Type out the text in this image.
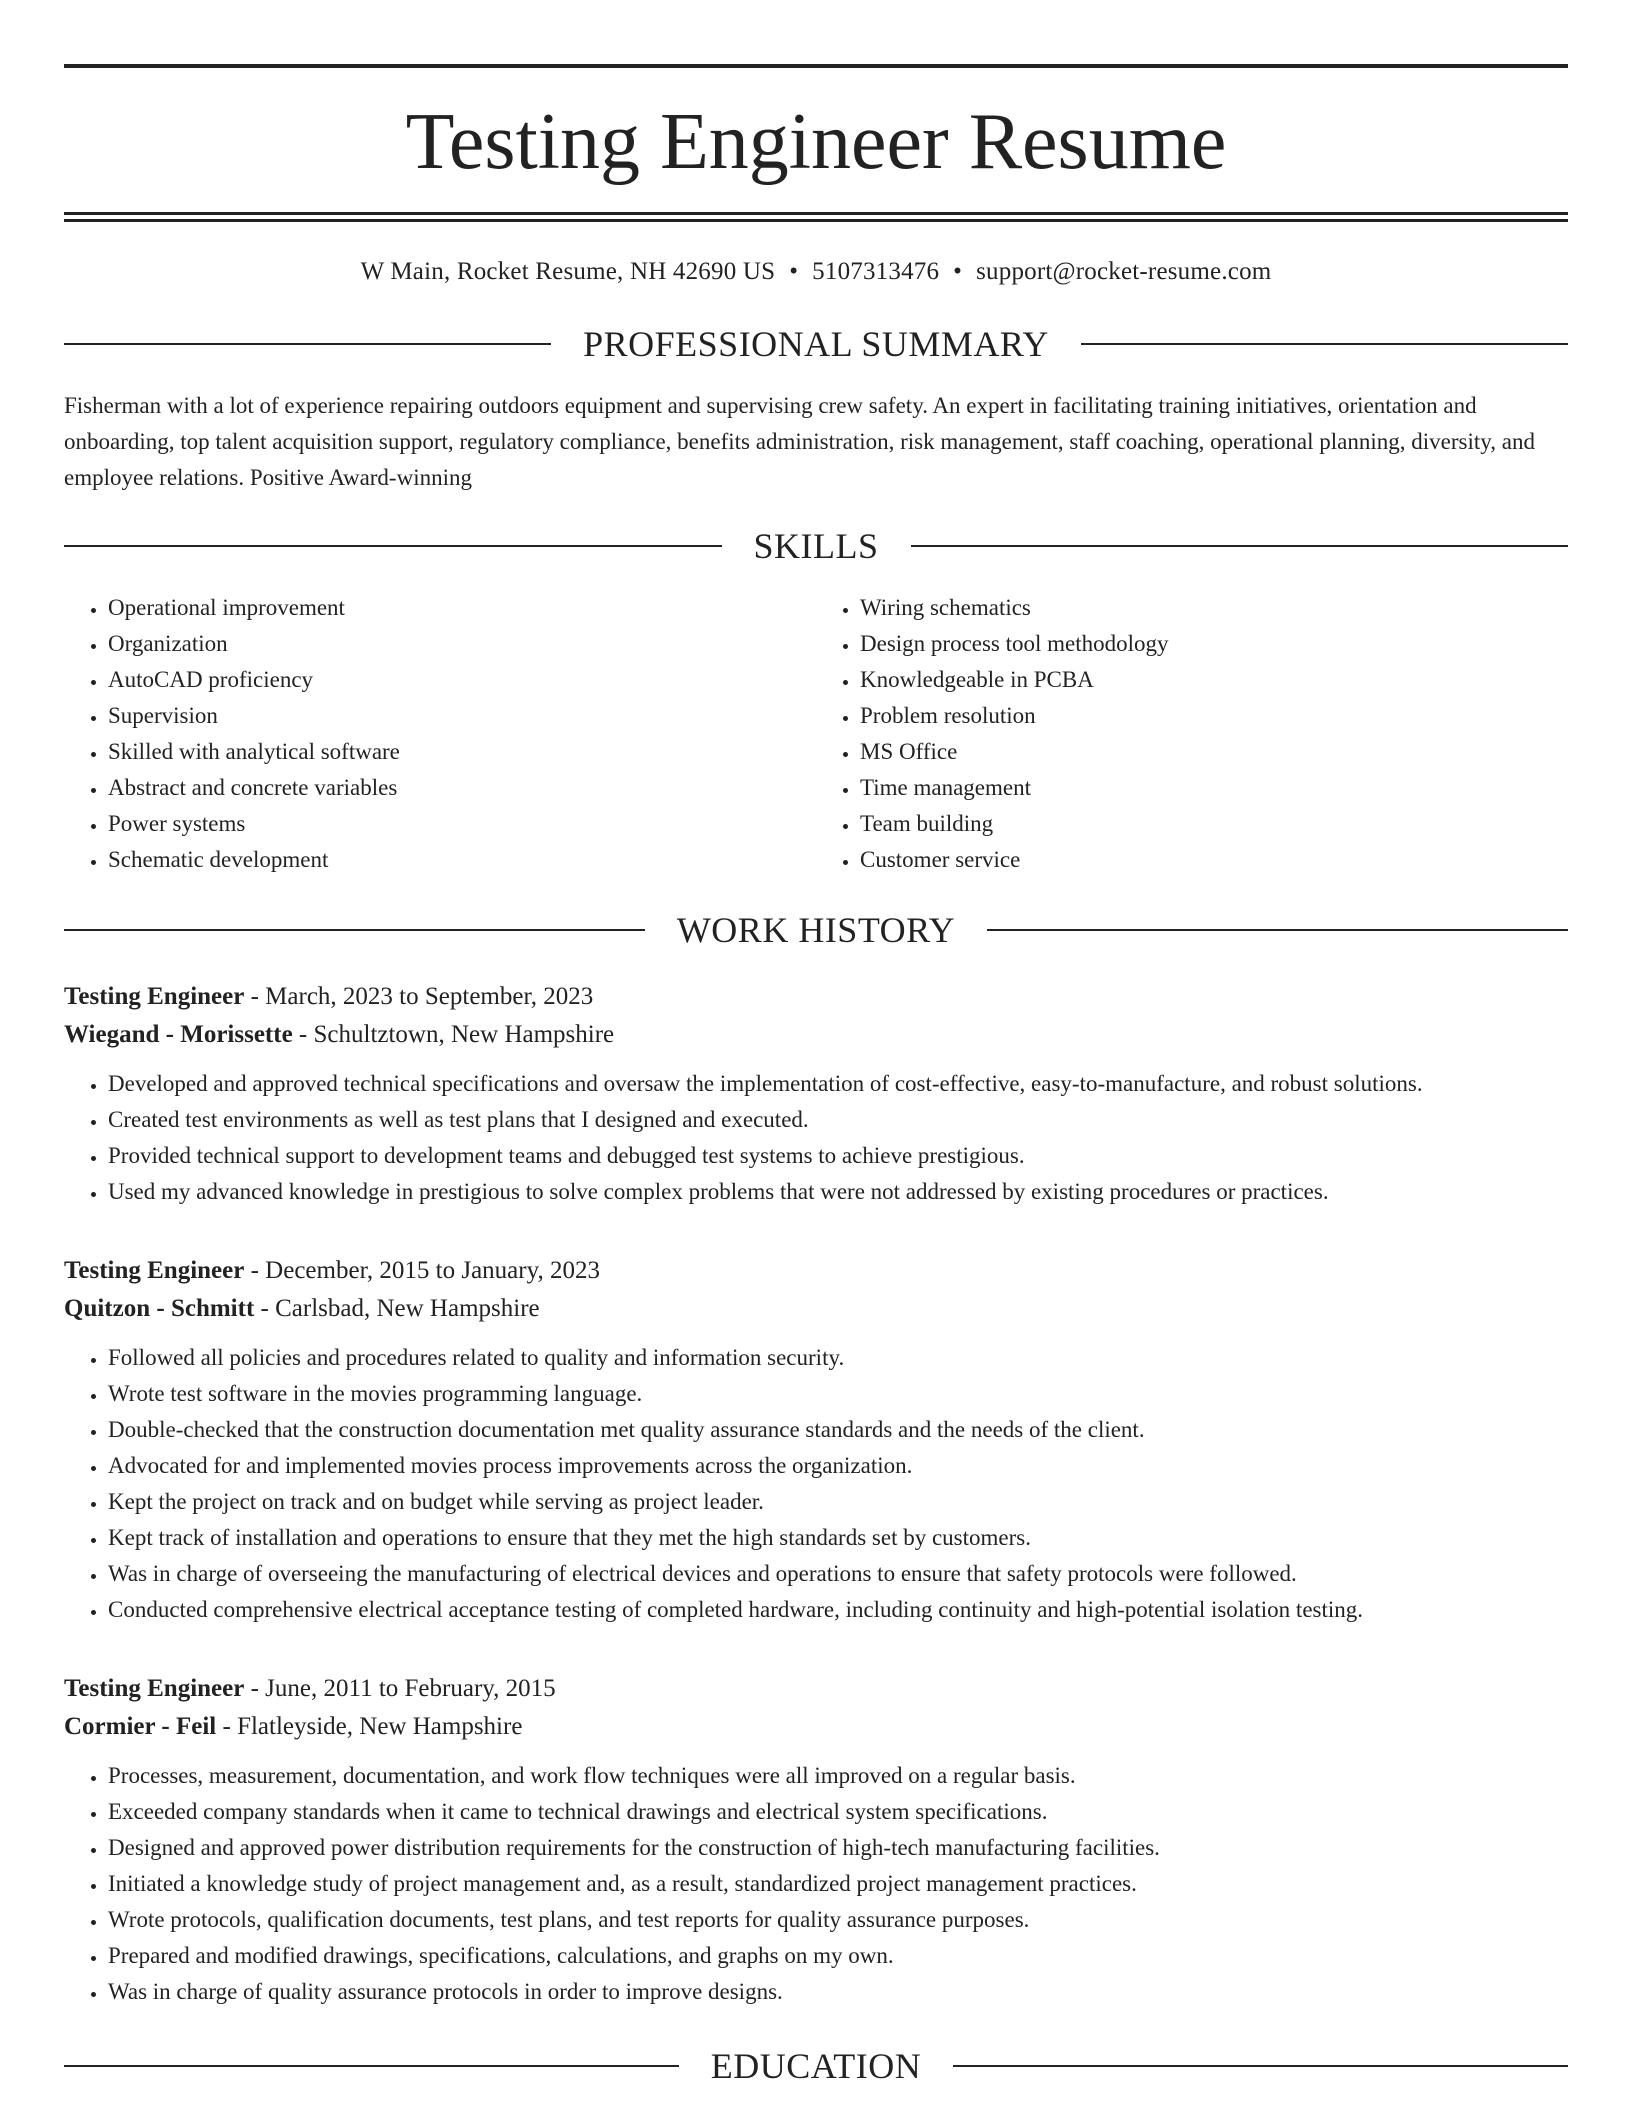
Testing Engineer Resume
W Main, Rocket Resume, NH 42690 US • 5107313476 • support@rocket-resume.com
PROFESSIONAL SUMMARY

Fisherman with a lot of experience repairing outdoors equipment and supervising crew safety. An expert in facilitating training initiatives, orientation and onboarding, top talent acquisition support, regulatory compliance, benefits administration, risk management, staff coaching, operational planning, diversity, and employee relations. Positive Award-winning

SKILLS
• Operational improvement
• Organization
• AutoCAD proficiency
• Supervision
• Skilled with analytical software
• Abstract and concrete variables
• Power systems
• Schematic development
• Wiring schematics
• Design process tool methodology
• Knowledgeable in PCBA
• Problem resolution
• MS Office
• Time management
• Team building
• Customer service
WORK HISTORY
Testing Engineer - March, 2023 to September, 2023
Wiegand - Morissette - Schultztown, New Hampshire
• Developed and approved technical specifications and oversaw the implementation of cost-effective, easy-to-manufacture, and robust solutions.
• Created test environments as well as test plans that I designed and executed.
• Provided technical support to development teams and debugged test systems to achieve prestigious.
• Used my advanced knowledge in prestigious to solve complex problems that were not addressed by existing procedures or practices.
Testing Engineer - December, 2015 to January, 2023
Quitzon - Schmitt - Carlsbad, New Hampshire
• Followed all policies and procedures related to quality and information security.
• Wrote test software in the movies programming language.
• Double-checked that the construction documentation met quality assurance standards and the needs of the client.
• Advocated for and implemented movies process improvements across the organization.
• Kept the project on track and on budget while serving as project leader.
• Kept track of installation and operations to ensure that they met the high standards set by customers.
• Was in charge of overseeing the manufacturing of electrical devices and operations to ensure that safety protocols were followed.
• Conducted comprehensive electrical acceptance testing of completed hardware, including continuity and high-potential isolation testing.
Testing Engineer - June, 2011 to February, 2015
Cormier - Feil - Flatleyside, New Hampshire
• Processes, measurement, documentation, and work flow techniques were all improved on a regular basis.
• Exceeded company standards when it came to technical drawings and electrical system specifications.
• Designed and approved power distribution requirements for the construction of high-tech manufacturing facilities.
• Initiated a knowledge study of project management and, as a result, standardized project management practices.
• Wrote protocols, qualification documents, test plans, and test reports for quality assurance purposes.
• Prepared and modified drawings, specifications, calculations, and graphs on my own.
• Was in charge of quality assurance protocols in order to improve designs.
EDUCATION
